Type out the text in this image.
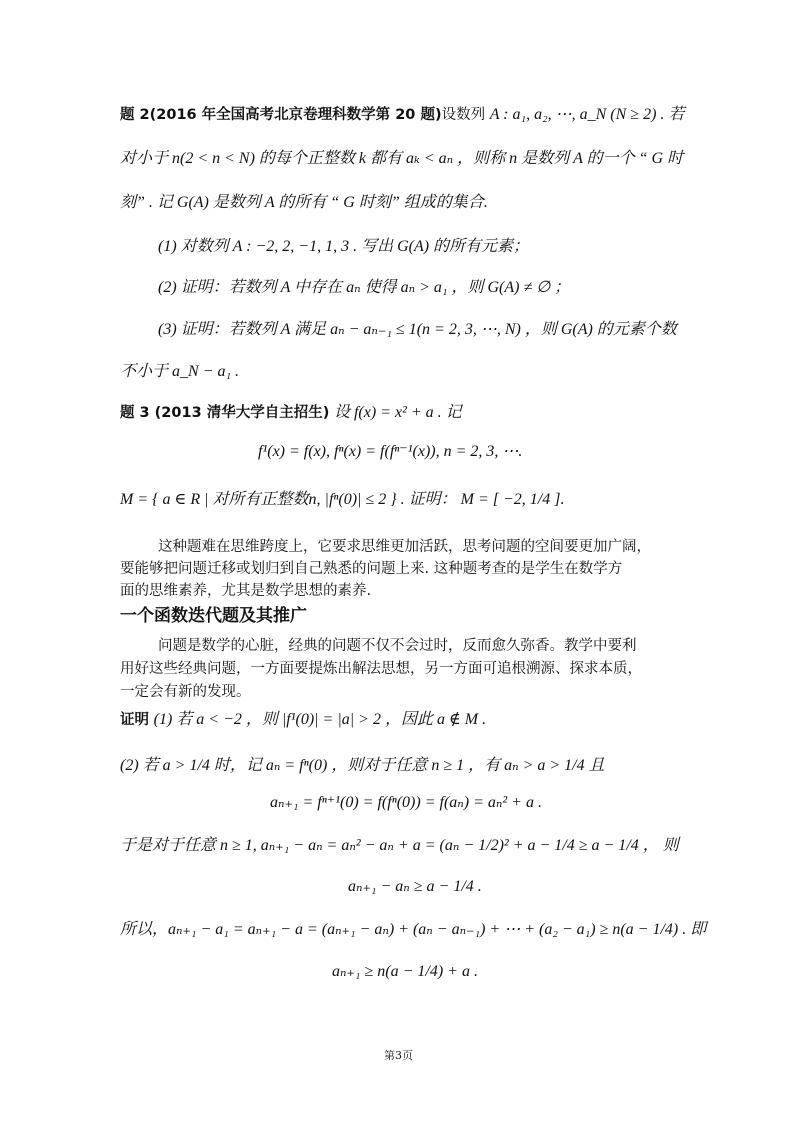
题 2(2016 年全国高考北京卷理科数学第 20 题)设数列 A : a₁, a₂, ⋯, a_N (N ≥ 2) . 若
对小于 n(2 < n < N) 的每个正整数 k 都有 aₖ < aₙ ，则称 n 是数列 A 的一个 “ G 时
刻” . 记 G(A) 是数列 A 的所有 “ G 时刻” 组成的集合.
(1) 对数列 A : −2, 2, −1, 1, 3 . 写出 G(A) 的所有元素；
(2) 证明：若数列 A 中存在 aₙ 使得 aₙ > a₁ ，则 G(A) ≠ ∅ ；
(3) 证明：若数列 A 满足 aₙ − aₙ₋₁ ≤ 1(n = 2, 3, ⋯, N) ，则 G(A) 的元素个数
不小于 a_N − a₁ .
题 3 (2013 清华大学自主招生) 设 f(x) = x² + a . 记
f¹(x) = f(x), fⁿ(x) = f(fⁿ⁻¹(x)), n = 2, 3, ⋯.
M = { a ∈ R | 对所有正整数n, |fⁿ(0)| ≤ 2 } . 证明： M = [ −2, 1/4 ].
这种题难在思维跨度上，它要求思维更加活跃，思考问题的空间要更加广阔，
要能够把问题迁移或划归到自己熟悉的问题上来. 这种题考查的是学生在数学方
面的思维素养，尤其是数学思想的素养.
一个函数迭代题及其推广
问题是数学的心脏，经典的问题不仅不会过时，反而愈久弥香。教学中要利
用好这些经典问题，一方面要提炼出解法思想，另一方面可追根溯源、探求本质，
一定会有新的发现。
证明 (1) 若 a < −2 ，则 |f¹(0)| = |a| > 2 ，因此 a ∉ M .
(2) 若 a > 1/4 时，记 aₙ = fⁿ(0) ，则对于任意 n ≥ 1 ，有 aₙ > a > 1/4 且
aₙ₊₁ = fⁿ⁺¹(0) = f(fⁿ(0)) = f(aₙ) = aₙ² + a .
于是对于任意 n ≥ 1, aₙ₊₁ − aₙ = aₙ² − aₙ + a = (aₙ − 1/2)² + a − 1/4 ≥ a − 1/4 ， 则
aₙ₊₁ − aₙ ≥ a − 1/4 .
所以，aₙ₊₁ − a₁ = aₙ₊₁ − a = (aₙ₊₁ − aₙ) + (aₙ − aₙ₋₁) + ⋯ + (a₂ − a₁) ≥ n(a − 1/4) . 即
aₙ₊₁ ≥ n(a − 1/4) + a .
第3页
